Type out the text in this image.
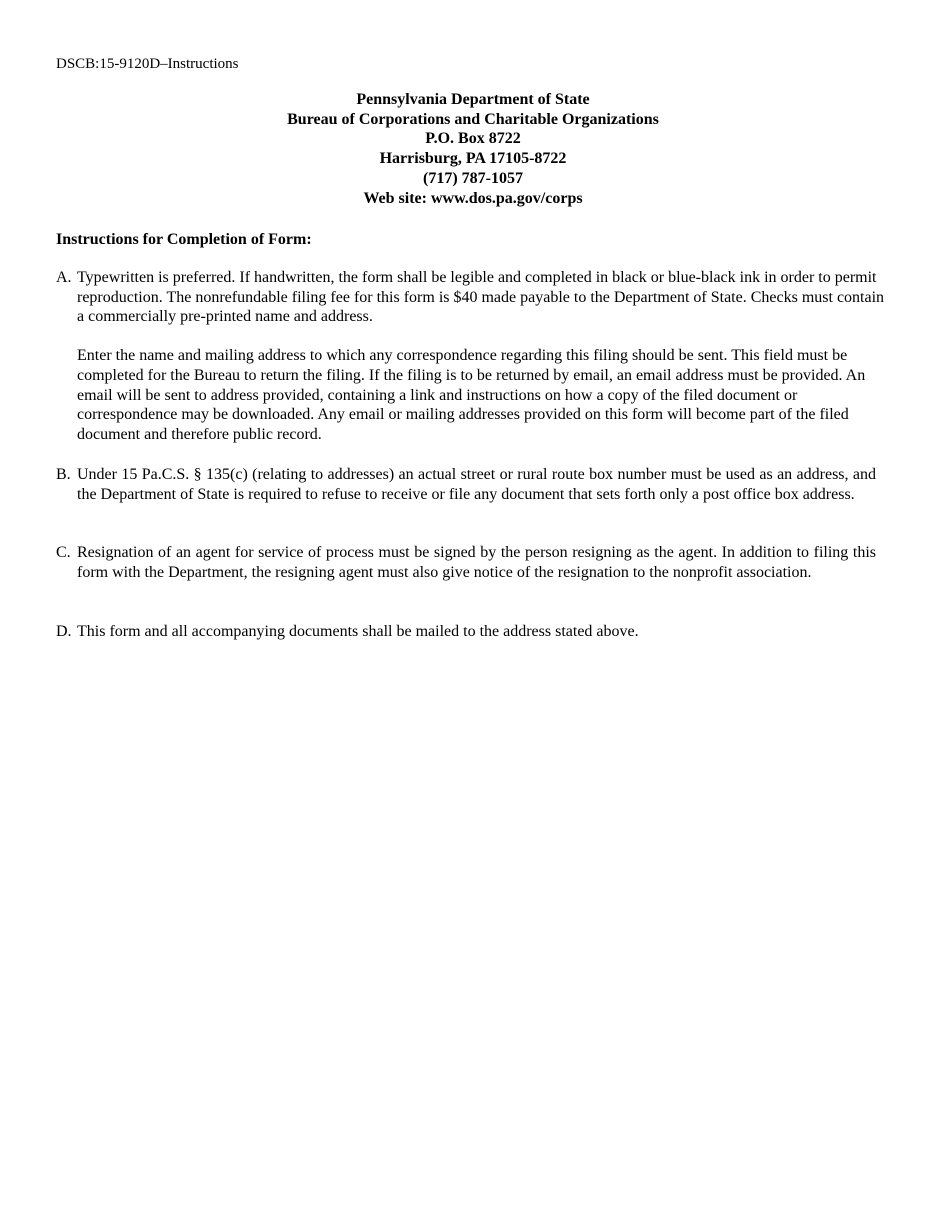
DSCB:15-9120D–Instructions
Pennsylvania Department of State
Bureau of Corporations and Charitable Organizations
P.O. Box 8722
Harrisburg, PA 17105-8722
(717) 787-1057
Web site: www.dos.pa.gov/corps
Instructions for Completion of Form:
A. Typewritten is preferred. If handwritten, the form shall be legible and completed in black or blue-black ink in order to permit reproduction. The nonrefundable filing fee for this form is $40 made payable to the Department of State. Checks must contain a commercially pre-printed name and address.

Enter the name and mailing address to which any correspondence regarding this filing should be sent. This field must be completed for the Bureau to return the filing. If the filing is to be returned by email, an email address must be provided. An email will be sent to address provided, containing a link and instructions on how a copy of the filed document or correspondence may be downloaded. Any email or mailing addresses provided on this form will become part of the filed document and therefore public record.

B. Under 15 Pa.C.S. § 135(c) (relating to addresses) an actual street or rural route box number must be used as an address, and the Department of State is required to refuse to receive or file any document that sets forth only a post office box address.

C. Resignation of an agent for service of process must be signed by the person resigning as the agent. In addition to filing this form with the Department, the resigning agent must also give notice of the resignation to the nonprofit association.

D. This form and all accompanying documents shall be mailed to the address stated above.
